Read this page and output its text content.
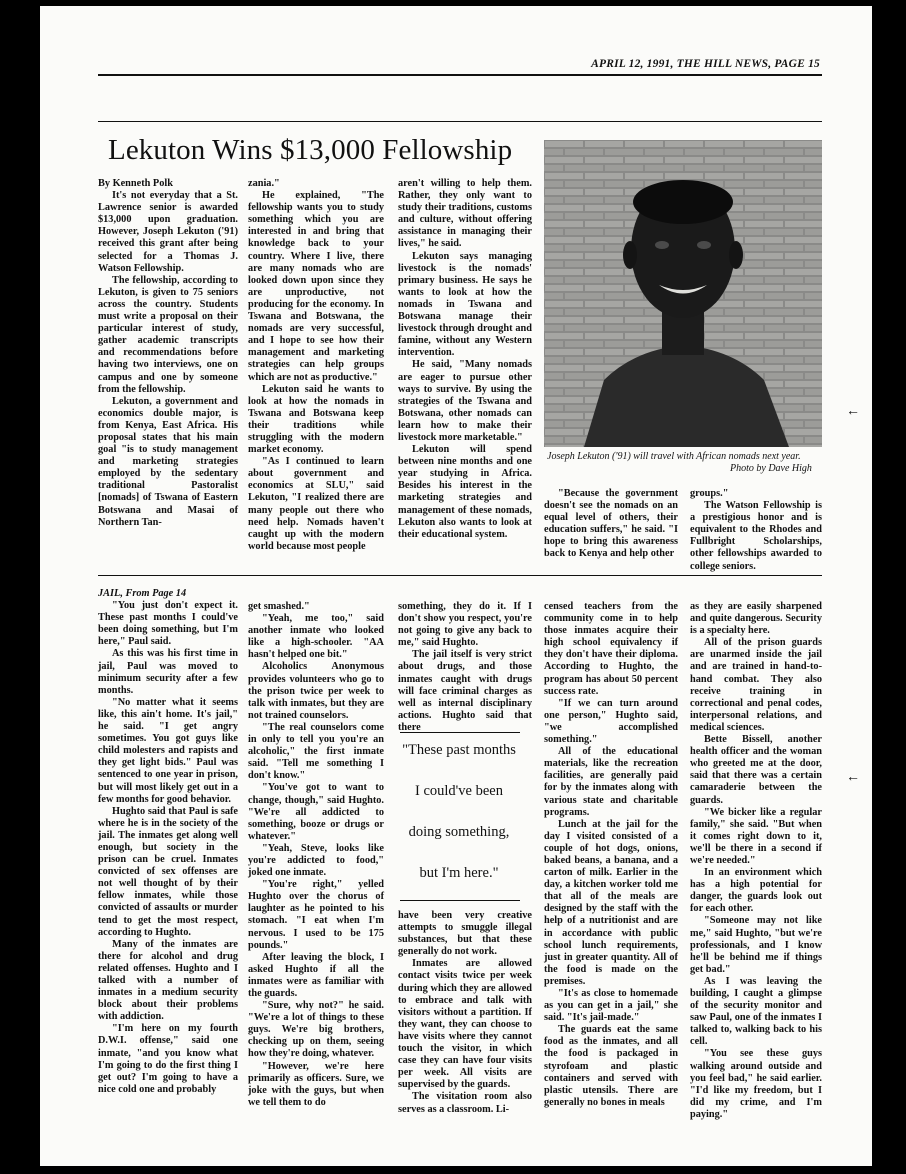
APRIL 12, 1991, THE HILL NEWS, PAGE 15
Lekuton Wins $13,000 Fellowship

By Kenneth Polk

It's not everyday that a St. Lawrence senior is awarded $13,000 upon graduation. However, Joseph Lekuton ('91) received this grant after being selected for a Thomas J. Watson Fellowship.

The fellowship, according to Lekuton, is given to 75 seniors across the country. Students must write a proposal on their particular interest of study, gather academic transcripts and recommendations before having two interviews, one on campus and one by someone from the fellowship.

Lekuton, a government and economics double major, is from Kenya, East Africa. His proposal states that his main goal "is to study management and marketing strategies employed by the sedentary traditional Pastoralist [nomads] of Tswana of Eastern Botswana and Masai of Northern Tan-

zania."

He explained, "The fellowship wants you to study something which you are interested in and bring that knowledge back to your country. Where I live, there are many nomads who are looked down upon since they are unproductive, not producing for the economy. In Tswana and Botswana, the nomads are very successful, and I hope to see how their management and marketing strategies can help groups which are not as productive."

Lekuton said he wants to look at how the nomads in Tswana and Botswana keep their traditions while struggling with the modern market economy.

"As I continued to learn about government and economics at SLU," said Lekuton, "I realized there are many people out there who need help. Nomads haven't caught up with the modern world because most people

aren't willing to help them. Rather, they only want to study their traditions, customs and culture, without offering assistance in managing their lives," he said.

Lekuton says managing livestock is the nomads' primary business. He says he wants to look at how the nomads in Tswana and Botswana manage their livestock through drought and famine, without any Western intervention.

He said, "Many nomads are eager to pursue other ways to survive. By using the strategies of the Tswana and Botswana, other nomads can learn how to make their livestock more marketable."

Lekuton will spend between nine months and one year studying in Africa. Besides his interest in the marketing strategies and management of these nomads, Lekuton also wants to look at their educational system.

Joseph Lekuton ('91) will travel with African nomads next year.
Photo by Dave High

"Because the government doesn't see the nomads on an equal level of others, their education suffers," he said. "I hope to bring this awareness back to Kenya and help other

groups."

The Watson Fellowship is a prestigious honor and is equivalent to the Rhodes and Fullbright Scholarships, other fellowships awarded to college seniors.

JAIL, From Page 14

"You just don't expect it. These past months I could've been doing something, but I'm here," Paul said.

As this was his first time in jail, Paul was moved to minimum security after a few months.

"No matter what it seems like, this ain't home. It's jail," he said. "I get angry sometimes. You got guys like child molesters and rapists and they get light bids." Paul was sentenced to one year in prison, but will most likely get out in a few months for good behavior.

Hughto said that Paul is safe where he is in the society of the jail. The inmates get along well enough, but society in the prison can be cruel. Inmates convicted of sex offenses are not well thought of by their fellow inmates, while those convicted of assaults or murder tend to get the most respect, according to Hughto.

Many of the inmates are there for alcohol and drug related offenses. Hughto and I talked with a number of inmates in a medium security block about their problems with addiction.

"I'm here on my fourth D.W.I. offense," said one inmate, "and you know what I'm going to do the first thing I get out? I'm going to have a nice cold one and probably

get smashed."

"Yeah, me too," said another inmate who looked like a high-schooler. "AA hasn't helped one bit."

Alcoholics Anonymous provides volunteers who go to the prison twice per week to talk with inmates, but they are not trained counselors.

"The real counselors come in only to tell you you're an alcoholic," the first inmate said. "Tell me something I don't know."

"You've got to want to change, though," said Hughto. "We're all addicted to something, booze or drugs or whatever."

"Yeah, Steve, looks like you're addicted to food," joked one inmate.

"You're right," yelled Hughto over the chorus of laughter as he pointed to his stomach. "I eat when I'm nervous. I used to be 175 pounds."

After leaving the block, I asked Hughto if all the inmates were as familiar with the guards.

"Sure, why not?" he said. "We're a lot of things to these guys. We're big brothers, checking up on them, seeing how they're doing, whatever.

"However, we're here primarily as officers. Sure, we joke with the guys, but when we tell them to do

something, they do it. If I don't show you respect, you're not going to give any back to me," said Hughto.

The jail itself is very strict about drugs, and those inmates caught with drugs will face criminal charges as well as internal disciplinary actions. Hughto said that there

"These past months
I could've been
doing something,
but I'm here."

have been very creative attempts to smuggle illegal substances, but that these generally do not work.

Inmates are allowed contact visits twice per week during which they are allowed to embrace and talk with visitors without a partition. If they want, they can choose to have visits where they cannot touch the visitor, in which case they can have four visits per week. All visits are supervised by the guards.

The visitation room also serves as a classroom. Li-

censed teachers from the community come in to help those inmates acquire their high school equivalency if they don't have their diploma. According to Hughto, the program has about 50 percent success rate.

"If we can turn around one person," Hughto said, "we accomplished something."

All of the educational materials, like the recreation facilities, are generally paid for by the inmates along with various state and charitable programs.

Lunch at the jail for the day I visited consisted of a couple of hot dogs, onions, baked beans, a banana, and a carton of milk. Earlier in the day, a kitchen worker told me that all of the meals are designed by the staff with the help of a nutritionist and are in accordance with public school lunch requirements, just in greater quantity. All of the food is made on the premises.

"It's as close to homemade as you can get in a jail," she said. "It's jail-made."

The guards eat the same food as the inmates, and all the food is packaged in styrofoam and plastic containers and served with plastic utensils. There are generally no bones in meals

as they are easily sharpened and quite dangerous. Security is a specialty here.

All of the prison guards are unarmed inside the jail and are trained in hand-to-hand combat. They also receive training in correctional and penal codes, interpersonal relations, and medical sciences.

Bette Bissell, another health officer and the woman who greeted me at the door, said that there was a certain camaraderie between the guards.

"We bicker like a regular family," she said. "But when it comes right down to it, we'll be there in a second if we're needed."

In an environment which has a high potential for danger, the guards look out for each other.

"Someone may not like me," said Hughto, "but we're professionals, and I know he'll be behind me if things get bad."

As I was leaving the building, I caught a glimpse of the security monitor and saw Paul, one of the inmates I talked to, walking back to his cell.

"You see these guys walking around outside and you feel bad," he said earlier. "I'd like my freedom, but I did my crime, and I'm paying."

←
←
